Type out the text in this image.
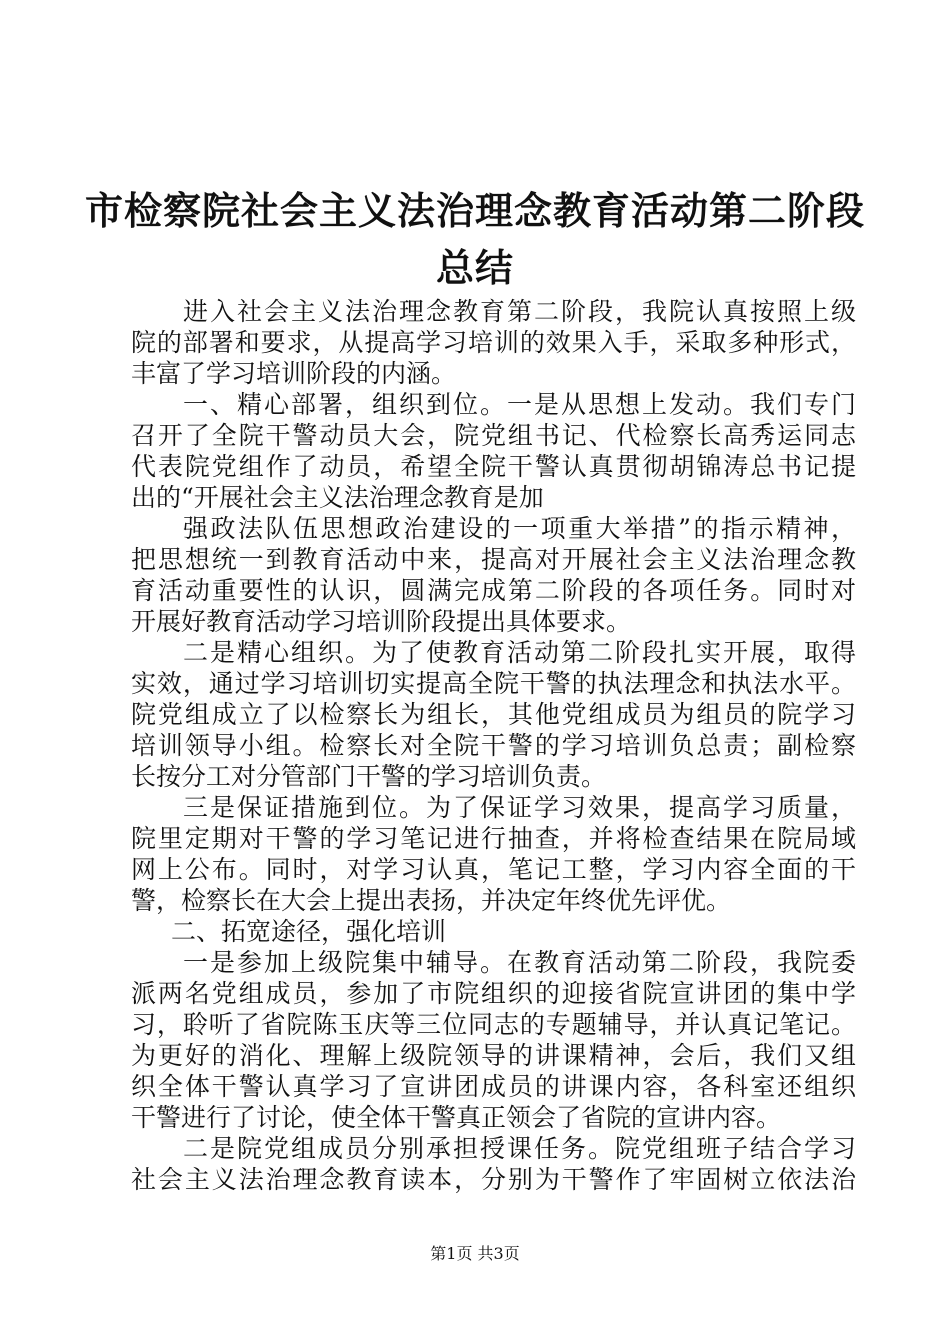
市检察院社会主义法治理念教育活动第二阶段
总结
进入社会主义法治理念教育第二阶段，我院认真按照上级
院的部署和要求，从提高学习培训的效果入手，采取多种形式，
丰富了学习培训阶段的内涵。
一、精心部署，组织到位。一是从思想上发动。我们专门
召开了全院干警动员大会，院党组书记、代检察长高秀运同志
代表院党组作了动员，希望全院干警认真贯彻胡锦涛总书记提
出的“开展社会主义法治理念教育是加
强政法队伍思想政治建设的一项重大举措”的指示精神，
把思想统一到教育活动中来，提高对开展社会主义法治理念教
育活动重要性的认识，圆满完成第二阶段的各项任务。同时对
开展好教育活动学习培训阶段提出具体要求。
二是精心组织。为了使教育活动第二阶段扎实开展，取得
实效，通过学习培训切实提高全院干警的执法理念和执法水平。
院党组成立了以检察长为组长，其他党组成员为组员的院学习
培训领导小组。检察长对全院干警的学习培训负总责；副检察
长按分工对分管部门干警的学习培训负责。
三是保证措施到位。为了保证学习效果，提高学习质量，
院里定期对干警的学习笔记进行抽查，并将检查结果在院局域
网上公布。同时，对学习认真，笔记工整，学习内容全面的干
警，检察长在大会上提出表扬，并决定年终优先评优。
二、拓宽途径，强化培训
一是参加上级院集中辅导。在教育活动第二阶段，我院委
派两名党组成员，参加了市院组织的迎接省院宣讲团的集中学
习，聆听了省院陈玉庆等三位同志的专题辅导，并认真记笔记。
为更好的消化、理解上级院领导的讲课精神，会后，我们又组
织全体干警认真学习了宣讲团成员的讲课内容，各科室还组织
干警进行了讨论，使全体干警真正领会了省院的宣讲内容。
二是院党组成员分别承担授课任务。院党组班子结合学习
社会主义法治理念教育读本，分别为干警作了牢固树立依法治
第1页 共3页
